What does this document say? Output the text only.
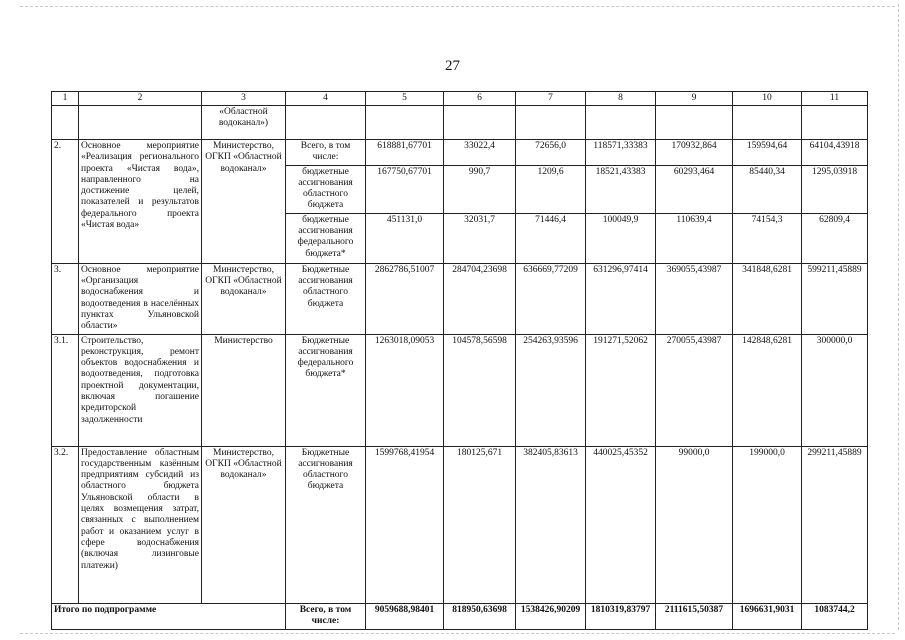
27
1	2	3	4	5	6	7	8	9	10	11
		«Областной водоканал»)								
2.	Основное мероприятие «Реализация регионального проекта «Чистая вода», направленного на достижение целей, показателей и результатов федерального проекта «Чистая вода»	Министерство, ОГКП «Областной водоканал»	Всего, в том числе:	618881,67701	33022,4	72656,0	118571,33383	170932,864	159594,64	64104,43918
			бюджетные ассигнования областного бюджета	167750,67701	990,7	1209,6	18521,43383	60293,464	85440,34	1295,03918
			бюджетные ассигнования федерального бюджета*	451131,0	32031,7	71446,4	100049,9	110639,4	74154,3	62809,4
3.	Основное мероприятие «Организация водоснабжения и водоотведения в населённых пунктах Ульяновской области»	Министерство, ОГКП «Областной водоканал»	Бюджетные ассигнования областного бюджета	2862786,51007	284704,23698	636669,77209	631296,97414	369055,43987	341848,6281	599211,45889
3.1.	Строительство, реконструкция, ремонт объектов водоснабжения и водоотведения, подготовка проектной документации, включая погашение кредиторской задолженности	Министерство	Бюджетные ассигнования федерального бюджета*	1263018,09053	104578,56598	254263,93596	191271,52062	270055,43987	142848,6281	300000,0
3.2.	Предоставление областным государственным казённым предприятиям субсидий из областного бюджета Ульяновской области в целях возмещения затрат, связанных с выполнением работ и оказанием услуг в сфере водоснабжения (включая лизинговые платежи)	Министерство, ОГКП «Областной водоканал»	Бюджетные ассигнования областного бюджета	1599768,41954	180125,671	382405,83613	440025,45352	99000,0	199000,0	299211,45889
Итого по подпрограмме			Всего, в том числе:	9059688,98401	818950,63698	1538426,90209	1810319,83797	2111615,50387	1696631,9031	1083744,2
